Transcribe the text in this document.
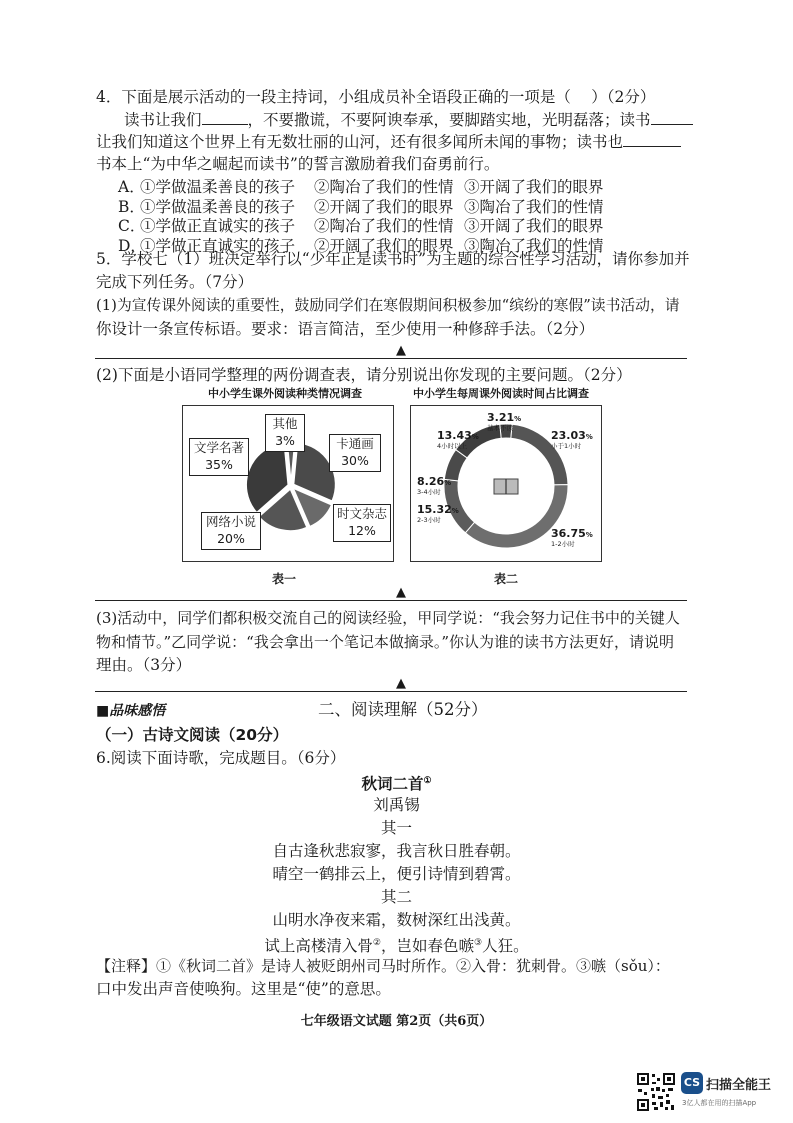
4．下面是展示活动的一段主持词，小组成员补全语段正确的一项是（　 ）（2分）
读书让我们	，不要撒谎，不要阿谀奉承，要脚踏实地，光明磊落；读书
让我们知道这个世界上有无数壮丽的山河，还有很多闻所未闻的事物；读书也
书本上“为中华之崛起而读书”的誓言激励着我们奋勇前行。
A．
①学做温柔善良的孩子 ②陶冶了我们的性情 ③开阔了我们的眼界
B．
①学做温柔善良的孩子 ②开阔了我们的眼界 ③陶冶了我们的性情
C．
①学做正直诚实的孩子 ②陶冶了我们的性情 ③开阔了我们的眼界
D．
①学做正直诚实的孩子 ②开阔了我们的眼界 ③陶冶了我们的性情
5．学校七（1）班决定举行以“少年正是读书时”为主题的综合性学习活动，请你参加并
完成下列任务。（7分）
(1)为宣传课外阅读的重要性，鼓励同学们在寒假期间积极参加“缤纷的寒假”读书活动，请
你设计一条宣传标语。要求：语言简洁，至少使用一种修辞手法。（2分）
▲
(2)下面是小语同学整理的两份调查表，请分别说出你发现的主要问题。（2分）
中小学生课外阅读种类情况调查
其他
3%	卡通画
30%
时文杂志
12%
网络小说
20%
文学名著
35%
表一
中小学生每周课外阅读时间占比调查
3.21%
基本不读
23.03%
小于1小时
36.75%
1-2小时
15.32%
2-3小时
8.26%
3-4小时
13.43%
4小时以上
表二
▲
(3)活动中，同学们都积极交流自己的阅读经验，甲同学说：“我会努力记住书中的关键人
物和情节。”乙同学说：“我会拿出一个笔记本做摘录。”你认为谁的读书方法更好，请说明
理由。（3分）
▲
■品味感悟	二、阅读理解（52分）
（一）古诗文阅读（20分）
6.阅读下面诗歌，完成题目。（6分）
秋词二首①
刘禹锡
其一
自古逢秋悲寂寥，我言秋日胜春朝。
晴空一鹤排云上，便引诗情到碧霄。
其二
山明水净夜来霜，数树深红出浅黄。
试上高楼清入骨②，岂如春色嗾③人狂。
【注释】①《秋词二首》是诗人被贬朗州司马时所作。②入骨：犹刺骨。③嗾（sǒu）：
口中发出声音使唤狗。这里是“使”的意思。
七年级语文试题 第2页（共6页）
CS 扫描全能王
3亿人都在用的扫描App
